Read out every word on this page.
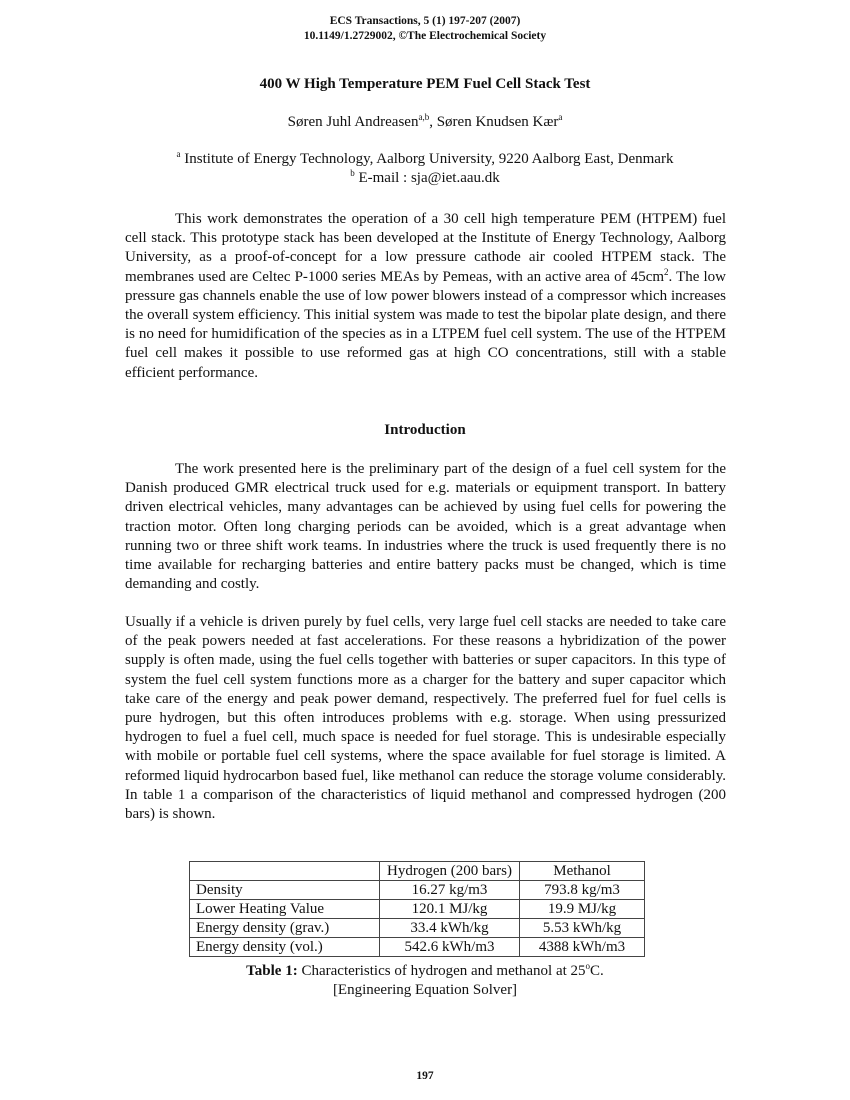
ECS Transactions, 5 (1) 197-207 (2007)
10.1149/1.2729002, ©The Electrochemical Society
400 W High Temperature PEM Fuel Cell Stack Test
Søren Juhl Andreasen$^{a,b}$, Søren Knudsen Kær$^a$
$^a$ Institute of Energy Technology, Aalborg University, 9220 Aalborg East, Denmark
$^b$ E-mail : sja@iet.aau.dk

This work demonstrates the operation of a 30 cell high temperature PEM (HTPEM) fuel cell stack. This prototype stack has been developed at the Institute of Energy Technology, Aalborg University, as a proof-of-concept for a low pressure cathode air cooled HTPEM stack. The membranes used are Celtec P-1000 series MEAs by Pemeas, with an active area of $45cm^2$. The low pressure gas channels enable the use of low power blowers instead of a compressor which increases the overall system efficiency. This initial system was made to test the bipolar plate design, and there is no need for humidification of the species as in a LTPEM fuel cell system. The use of the HTPEM fuel cell makes it possible to use reformed gas at high CO concentrations, still with a stable efficient performance.

Introduction

The work presented here is the preliminary part of the design of a fuel cell system for the Danish produced GMR electrical truck used for e.g. materials or equipment transport. In battery driven electrical vehicles, many advantages can be achieved by using fuel cells for powering the traction motor. Often long charging periods can be avoided, which is a great advantage when running two or three shift work teams. In industries where the truck is used frequently there is no time available for recharging batteries and entire battery packs must be changed, which is time demanding and costly.

Usually if a vehicle is driven purely by fuel cells, very large fuel cell stacks are needed to take care of the peak powers needed at fast accelerations. For these reasons a hybridization of the power supply is often made, using the fuel cells together with batteries or super capacitors. In this type of system the fuel cell system functions more as a charger for the battery and super capacitor which take care of the energy and peak power demand, respectively. The preferred fuel for fuel cells is pure hydrogen, but this often introduces problems with e.g. storage. When using pressurized hydrogen to fuel a fuel cell, much space is needed for fuel storage. This is undesirable especially with mobile or portable fuel cell systems, where the space available for fuel storage is limited. A reformed liquid hydrocarbon based fuel, like methanol can reduce the storage volume considerably. In table 1 a comparison of the characteristics of liquid methanol and compressed hydrogen (200 bars) is shown.

	Hydrogen (200 bars)	Methanol
Density	16.27 kg/m3	793.8 kg/m3
Lower Heating Value	120.1 MJ/kg	19.9 MJ/kg
Energy density (grav.)	33.4 kWh/kg	5.53 kWh/kg
Energy density (vol.)	542.6 kWh/m3	4388 kWh/m3
Table 1: Characteristics of hydrogen and methanol at 25$^o$C.
[Engineering Equation Solver]
197
